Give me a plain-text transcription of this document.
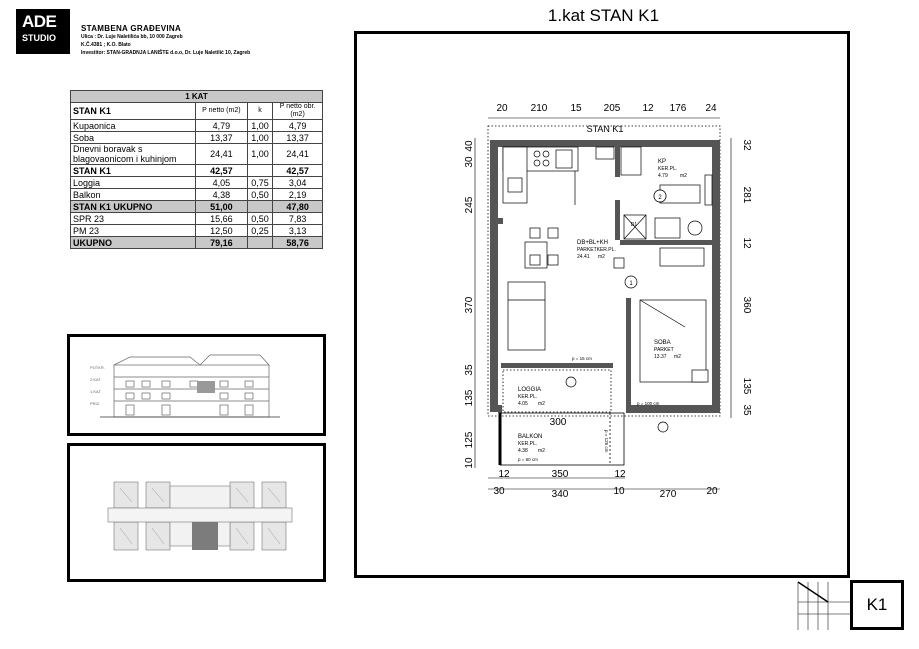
ADE
STUDIO
STAMBENA GRAĐEVINA
Ulica : Dr. Luje Naletilića bb, 10 000 Zagreb
K.Č.4381 ; K.O. Blato
Investitor: STAN-GRADNJA LANIŠTE d.o.o, Dr. Luje Naletilić 10, Zagreb
1 KAT			
STAN K1	P netto (m2)	k	P netto obr. (m2)
Kupaonica	4,79	1,00	4,79
Soba	13,37	1,00	13,37
Dnevni boravak s blagovaonicom i kuhinjom	24,41	1,00	24,41
STAN K1	42,57		42,57
Loggia	4,05	0,75	3,04
Balkon	4,38	0,50	2,19
STAN K1 UKUPNO	51,00		47,80
SPR 23	15,66	0,50	7,83
PM 23	12,50	0,25	3,13
UKUPNO	79,16		58,76
POTKR.
2.KAT
1.KAT
PRIZ.
1.kat STAN K1
20 210 15 205 12 176 24
12	350	12
30	340	10	270	20
300
40
30
245
370
35
135
125
10
32
281
12
360
135
35
1
2
D1
STAN K1
KP
KER.PL.
4.79 m2
DB+BL+KH
PARKETKER.PL.
24.41 m2
SOBA
PARKET
13.37 m2
LOGGIA
KER.PL.
4.05 m2
BALKON
KER.PL.
4.38 m2
p = 15 cm
p = 100 cm
p = 60 cm
p = 125 cm
K1
